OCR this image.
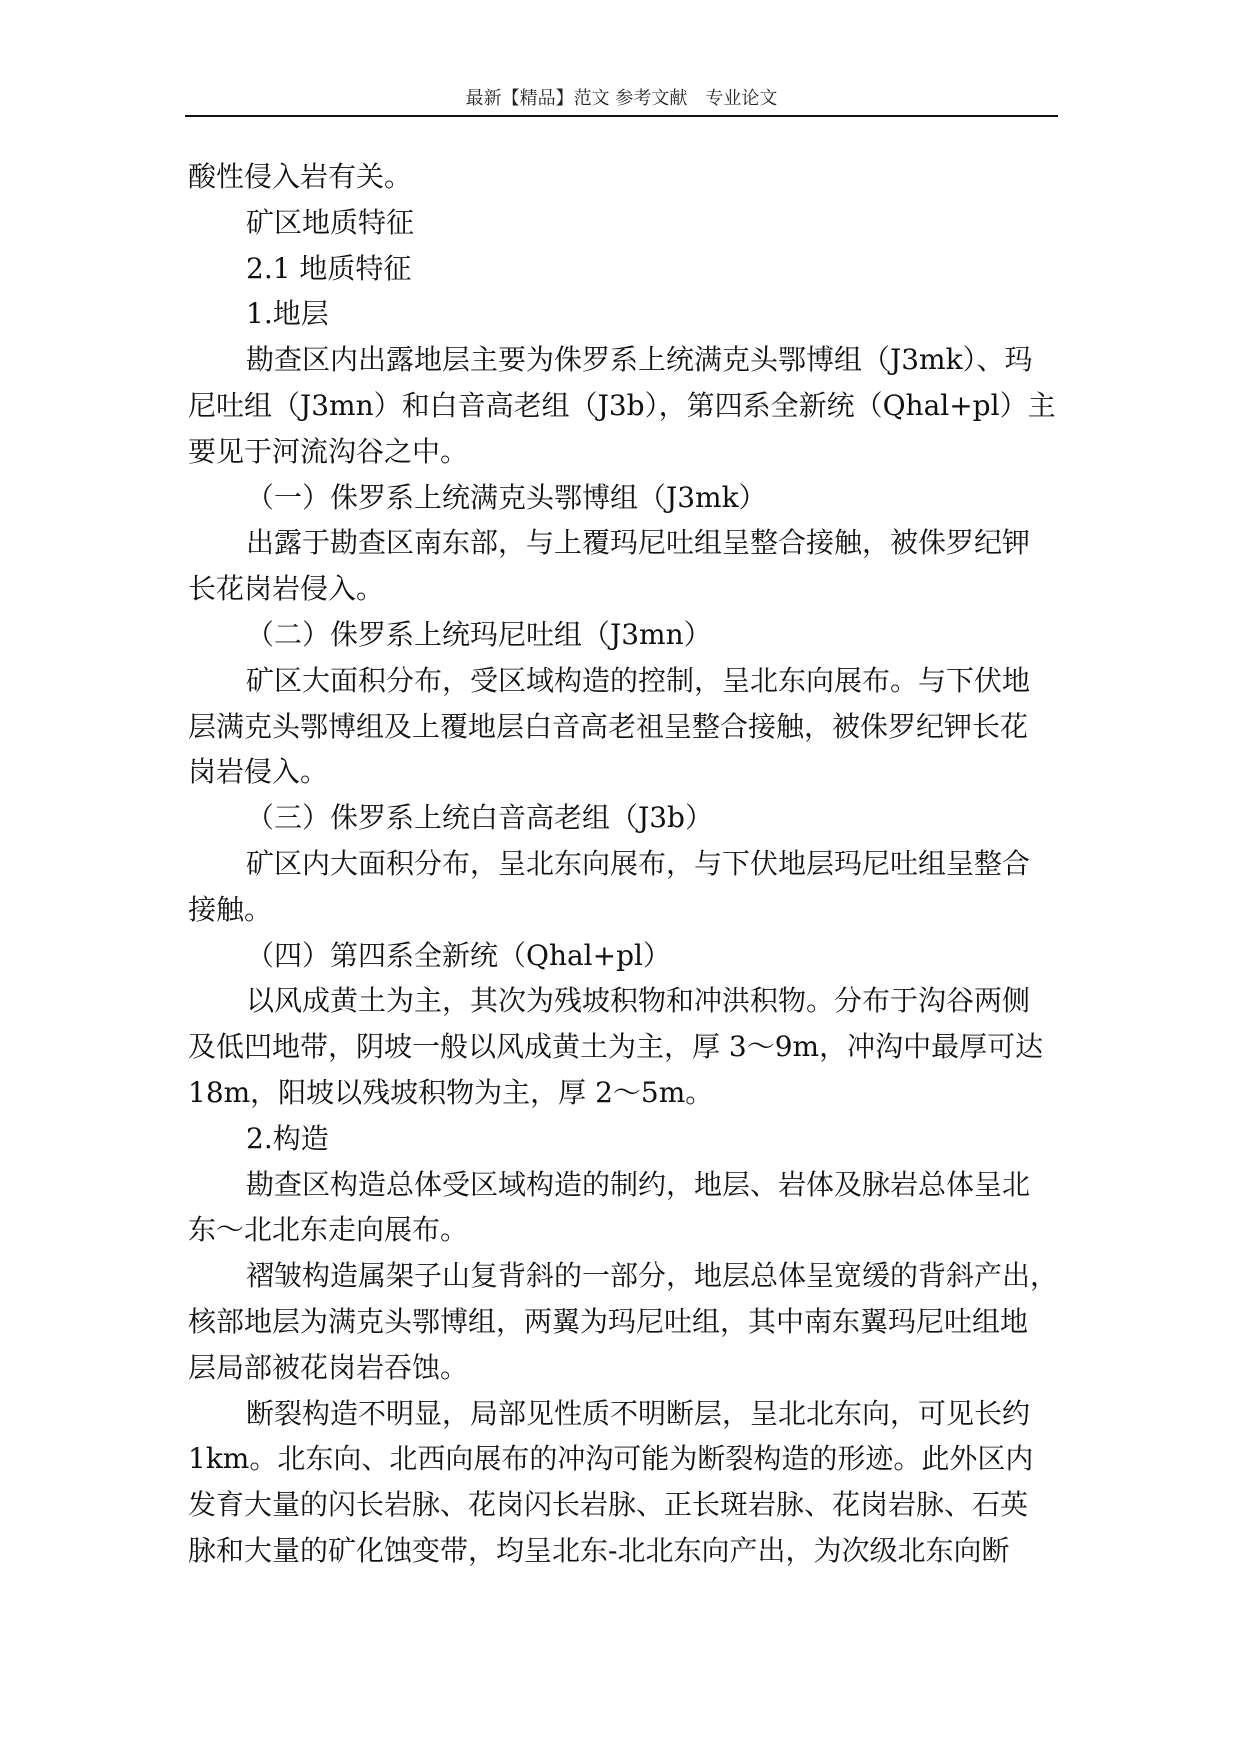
最新【精品】范文 参考文献　专业论文
酸性侵入岩有关。
矿区地质特征
2.1 地质特征
1.地层
勘查区内出露地层主要为侏罗系上统满克头鄂博组（J3mk）、玛
尼吐组（J3mn）和白音高老组（J3b），第四系全新统（Qhal+pl）主
要见于河流沟谷之中。
（一）侏罗系上统满克头鄂博组（J3mk）
出露于勘查区南东部，与上覆玛尼吐组呈整合接触，被侏罗纪钾
长花岗岩侵入。
（二）侏罗系上统玛尼吐组（J3mn）
矿区大面积分布，受区域构造的控制，呈北东向展布。与下伏地
层满克头鄂博组及上覆地层白音高老祖呈整合接触，被侏罗纪钾长花
岗岩侵入。
（三）侏罗系上统白音高老组（J3b）
矿区内大面积分布，呈北东向展布，与下伏地层玛尼吐组呈整合
接触。
（四）第四系全新统（Qhal+pl）
以风成黄土为主，其次为残坡积物和冲洪积物。分布于沟谷两侧
及低凹地带，阴坡一般以风成黄土为主，厚 3～9m，冲沟中最厚可达
18m，阳坡以残坡积物为主，厚 2～5m。
2.构造
勘查区构造总体受区域构造的制约，地层、岩体及脉岩总体呈北
东～北北东走向展布。
褶皱构造属架子山复背斜的一部分，地层总体呈宽缓的背斜产出，
核部地层为满克头鄂博组，两翼为玛尼吐组，其中南东翼玛尼吐组地
层局部被花岗岩吞蚀。
断裂构造不明显，局部见性质不明断层，呈北北东向，可见长约
1km。北东向、北西向展布的冲沟可能为断裂构造的形迹。此外区内
发育大量的闪长岩脉、花岗闪长岩脉、正长斑岩脉、花岗岩脉、石英
脉和大量的矿化蚀变带，均呈北东-北北东向产出，为次级北东向断
